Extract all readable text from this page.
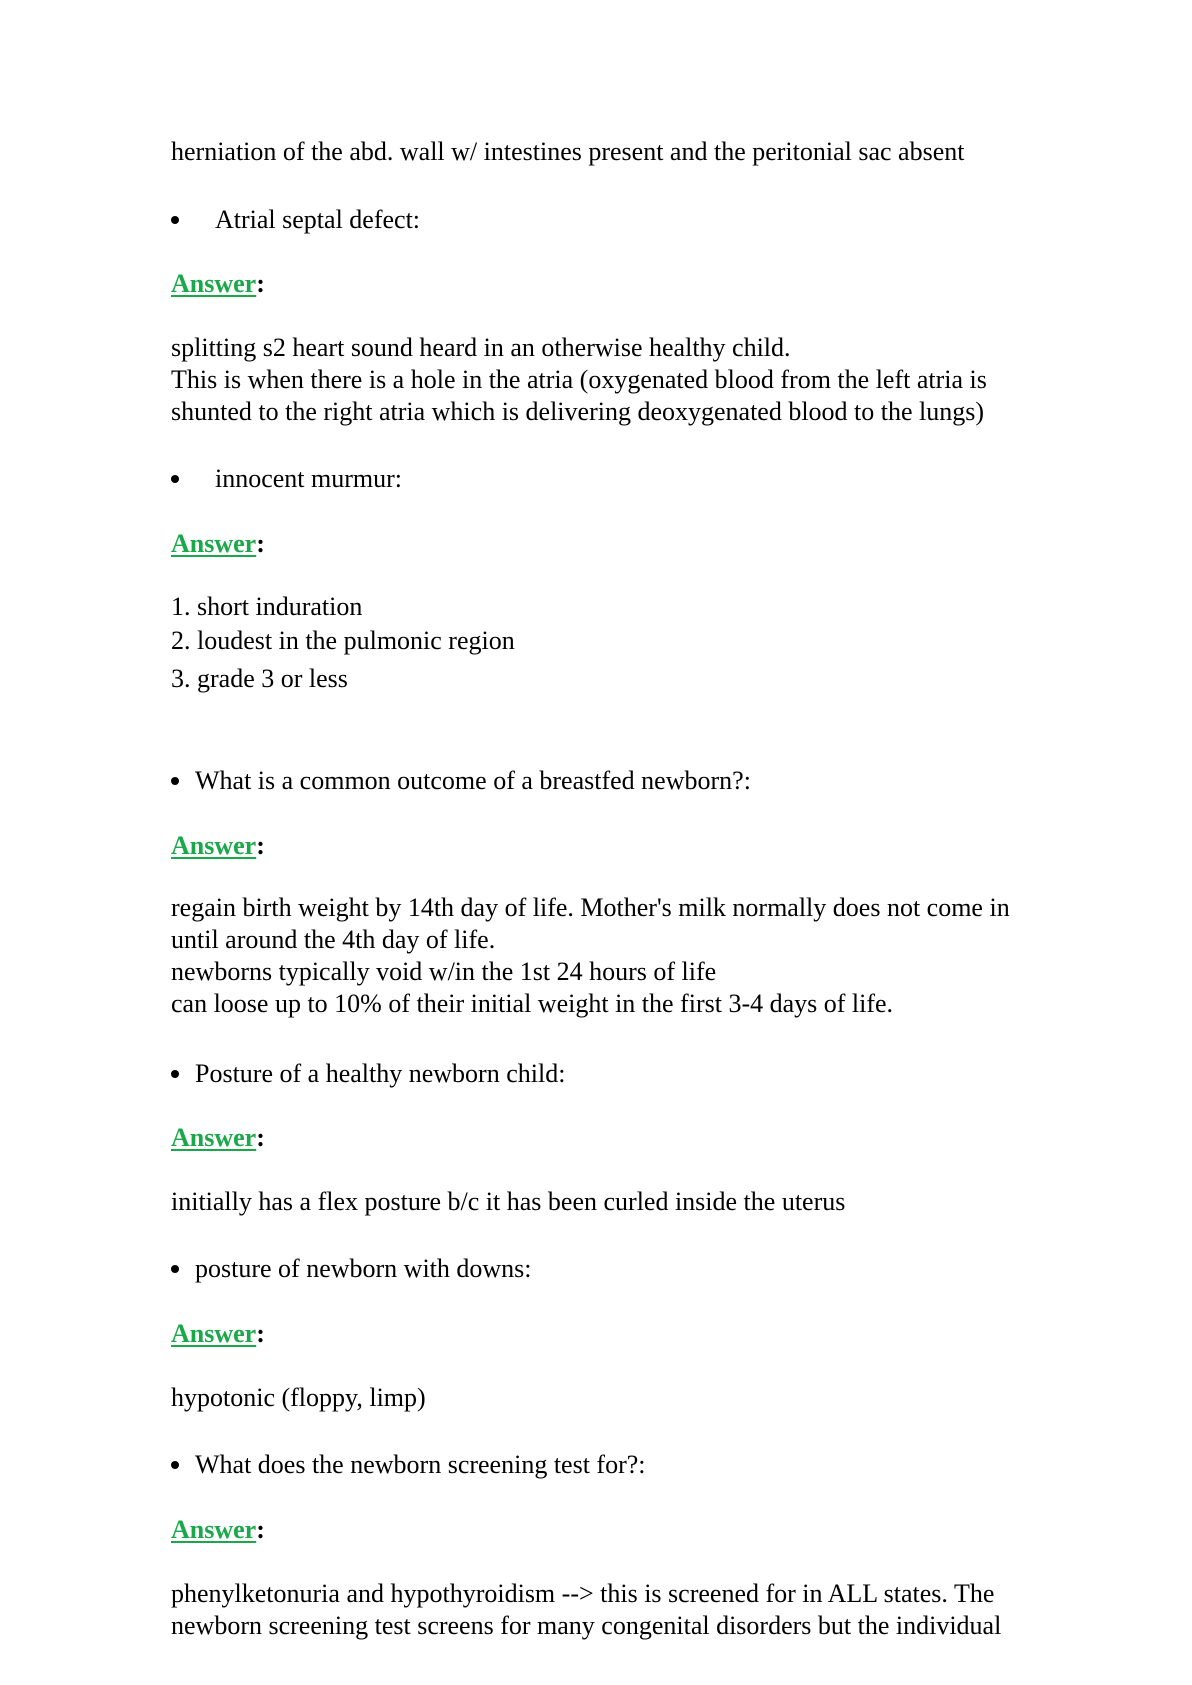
herniation of the abd. wall w/ intestines present and the peritonial sac absent
Atrial septal defect:
Answer:
splitting s2 heart sound heard in an otherwise healthy child.
This is when there is a hole in the atria (oxygenated blood from the left atria is
shunted to the right atria which is delivering deoxygenated blood to the lungs)
innocent murmur:
Answer:
1. short induration
2. loudest in the pulmonic region
3. grade 3 or less
What is a common outcome of a breastfed newborn?:
Answer:
regain birth weight by 14th day of life. Mother's milk normally does not come in
until around the 4th day of life.
newborns typically void w/in the 1st 24 hours of life
can loose up to 10% of their initial weight in the first 3-4 days of life.
Posture of a healthy newborn child:
Answer:
initially has a flex posture b/c it has been curled inside the uterus
posture of newborn with downs:
Answer:
hypotonic (floppy, limp)
What does the newborn screening test for?:
Answer:
phenylketonuria and hypothyroidism --> this is screened for in ALL states. The
newborn screening test screens for many congenital disorders but the individual
